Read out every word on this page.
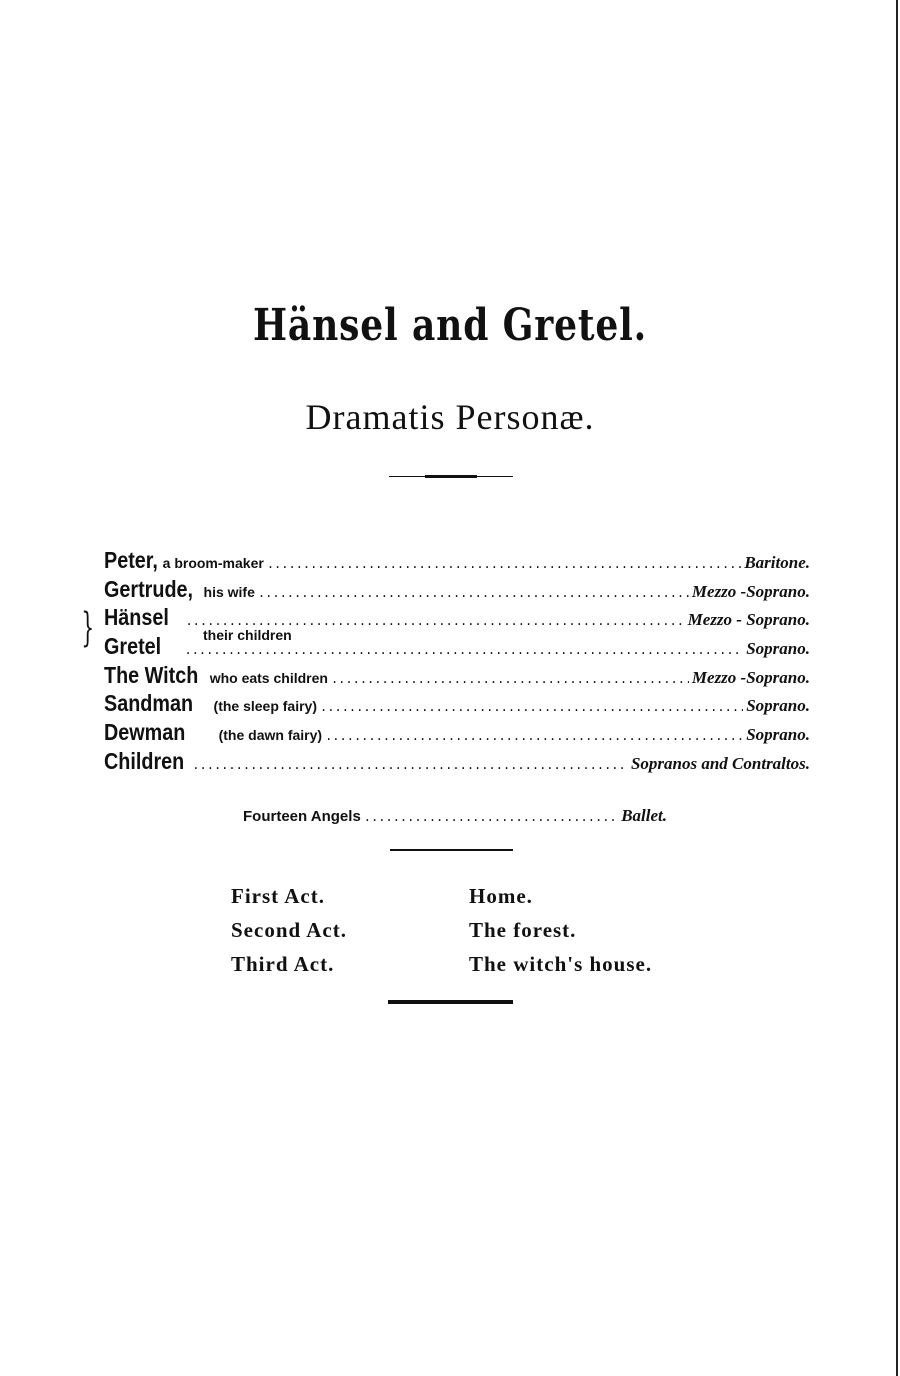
Hänsel and Gretel.
Dramatis Personæ.
Peter, a broom-maker .....	Baritone.
Gertrude, his wife .....	Mezzo -Soprano.
Hänsel .....	Mezzo - Soprano.
Gretel .....	Soprano.
The Witch who eats children .....	Mezzo -Soprano.
Sandman (the sleep fairy) .....	Soprano.
Dewman (the dawn fairy) .....	Soprano.
Children .....	Sopranos and Contraltos.
}	their children
Fourteen Angels .....	Ballet.
First Act.	Home.
Second Act.	The forest.
Third Act.	The witch's house.
